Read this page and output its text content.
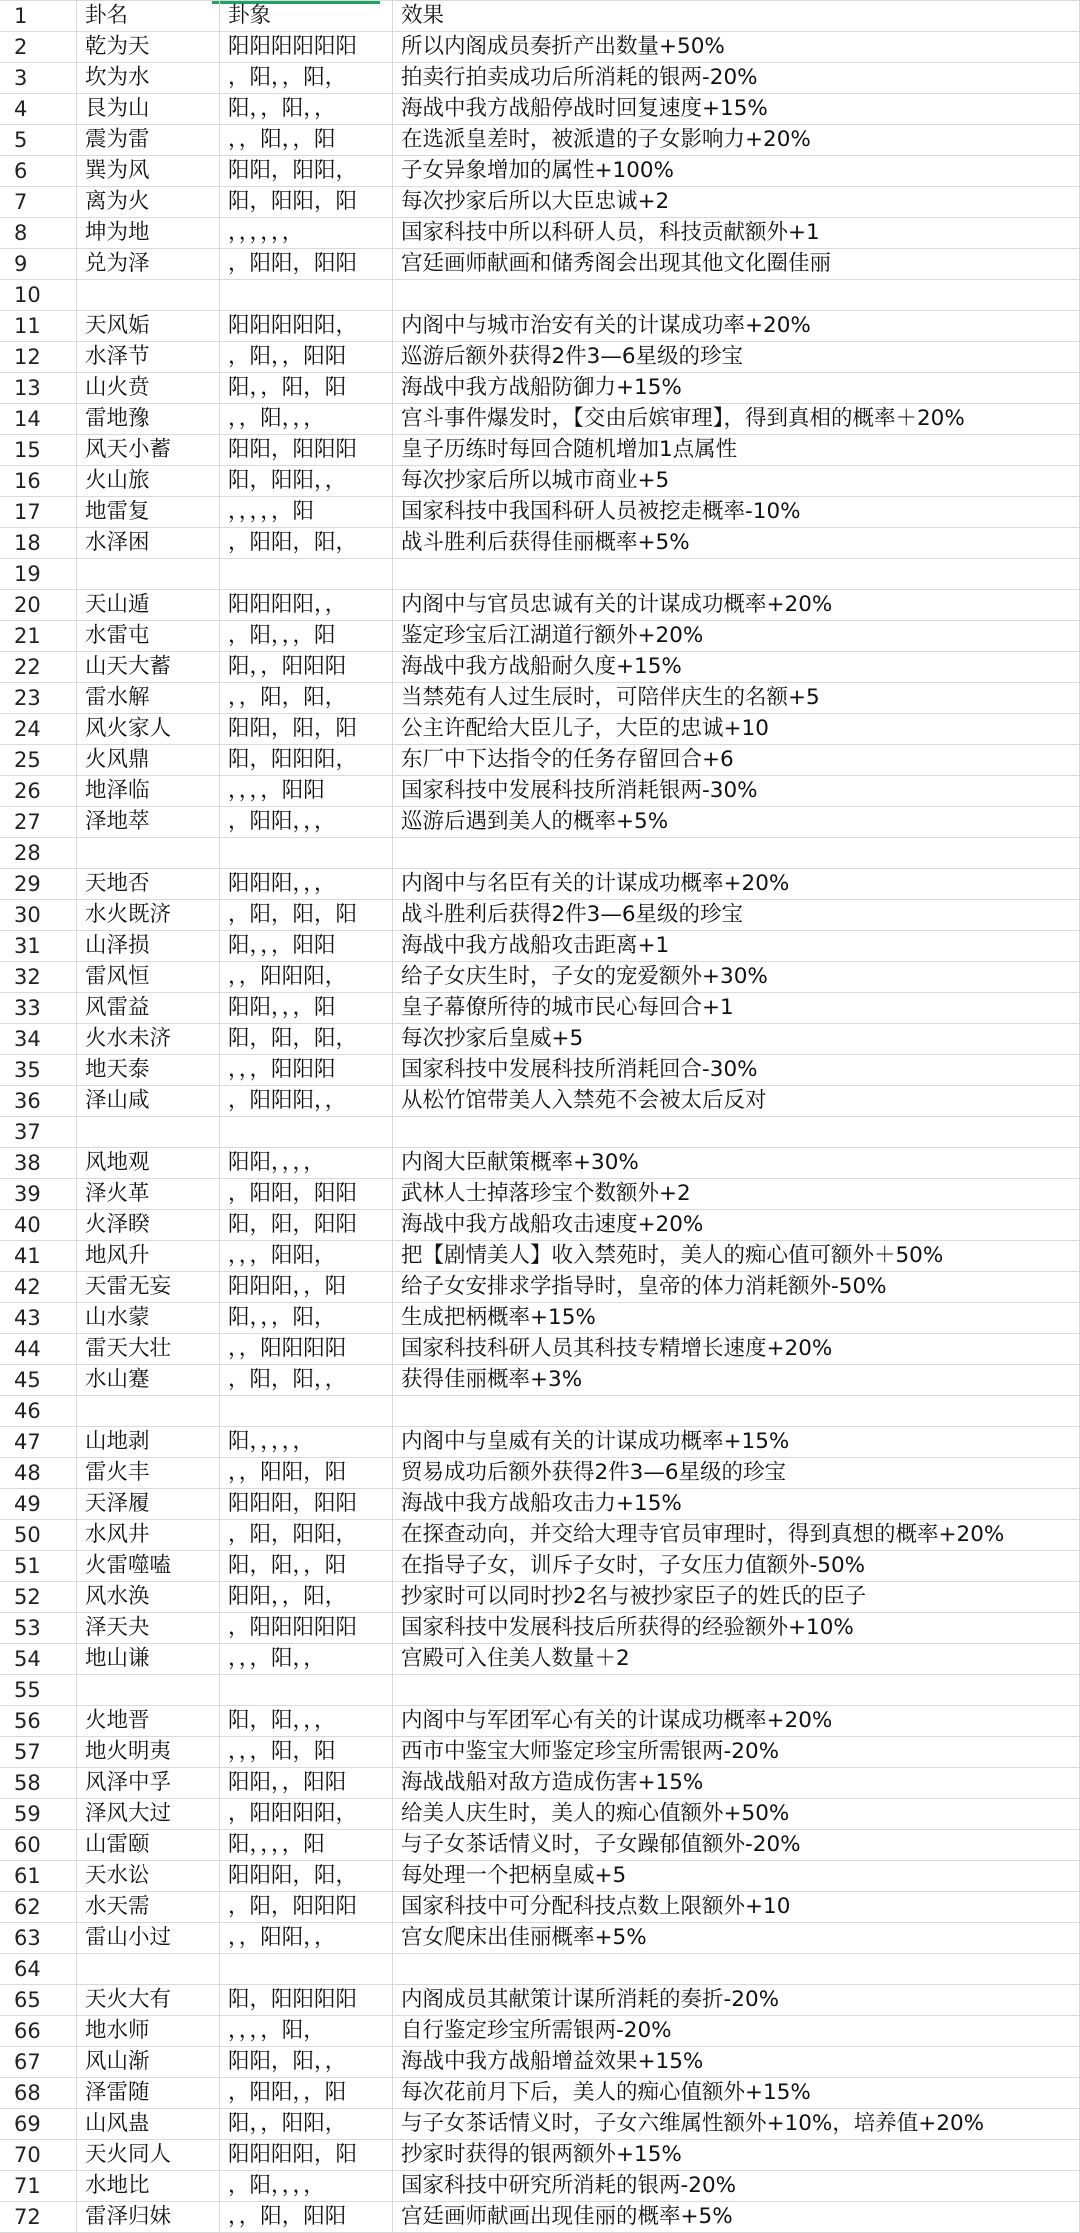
1	卦名	卦象	效果
2	乾为天	阳阳阳阳阳阳	所以内阁成员奏折产出数量+50%
3	坎为水	，阳，，阳，	拍卖行拍卖成功后所消耗的银两-20%
4	艮为山	阳，，阳，，	海战中我方战船停战时回复速度+15%
5	震为雷	，，阳，，阳	在选派皇差时，被派遣的子女影响力+20%
6	巽为风	阳阳，阳阳，	子女异象增加的属性+100%
7	离为火	阳，阳阳，阳	每次抄家后所以大臣忠诚+2
8	坤为地	，，，，，，	国家科技中所以科研人员，科技贡献额外+1
9	兑为泽	，阳阳，阳阳	宫廷画师献画和储秀阁会出现其他文化圈佳丽
10			
11	天风姤	阳阳阳阳阳，	内阁中与城市治安有关的计谋成功率+20%
12	水泽节	，阳，，阳阳	巡游后额外获得2件3—6星级的珍宝
13	山火贲	阳，，阳，阳	海战中我方战船防御力+15%
14	雷地豫	，，阳，，，	宫斗事件爆发时，【交由后嫔审理】，得到真相的概率＋20%
15	风天小蓄	阳阳，阳阳阳	皇子历练时每回合随机增加1点属性
16	火山旅	阳，阳阳，，	每次抄家后所以城市商业+5
17	地雷复	，，，，，阳	国家科技中我国科研人员被挖走概率-10%
18	水泽困	，阳阳，阳，	战斗胜利后获得佳丽概率+5%
19			
20	天山遁	阳阳阳阳，，	内阁中与官员忠诚有关的计谋成功概率+20%
21	水雷屯	，阳，，，阳	鉴定珍宝后江湖道行额外+20%
22	山天大蓄	阳，，阳阳阳	海战中我方战船耐久度+15%
23	雷水解	，，阳，阳，	当禁苑有人过生辰时，可陪伴庆生的名额+5
24	风火家人	阳阳，阳，阳	公主许配给大臣儿子，大臣的忠诚+10
25	火风鼎	阳，阳阳阳，	东厂中下达指令的任务存留回合+6
26	地泽临	，，，，阳阳	国家科技中发展科技所消耗银两-30%
27	泽地萃	，阳阳，，，	巡游后遇到美人的概率+5%
28			
29	天地否	阳阳阳，，，	内阁中与名臣有关的计谋成功概率+20%
30	水火既济	，阳，阳，阳	战斗胜利后获得2件3—6星级的珍宝
31	山泽损	阳，，，阳阳	海战中我方战船攻击距离+1
32	雷风恒	，，阳阳阳，	给子女庆生时，子女的宠爱额外+30%
33	风雷益	阳阳，，，阳	皇子幕僚所待的城市民心每回合+1
34	火水未济	阳，阳，阳，	每次抄家后皇威+5
35	地天泰	，，，阳阳阳	国家科技中发展科技所消耗回合-30%
36	泽山咸	，阳阳阳，，	从松竹馆带美人入禁苑不会被太后反对
37			
38	风地观	阳阳，，，，	内阁大臣献策概率+30%
39	泽火革	，阳阳，阳阳	武林人士掉落珍宝个数额外+2
40	火泽睽	阳，阳，阳阳	海战中我方战船攻击速度+20%
41	地风升	，，，阳阳，	把【剧情美人】收入禁苑时，美人的痴心值可额外＋50%
42	天雷无妄	阳阳阳，，阳	给子女安排求学指导时，皇帝的体力消耗额外-50%
43	山水蒙	阳，，，阳，	生成把柄概率+15%
44	雷天大壮	，，阳阳阳阳	国家科技科研人员其科技专精增长速度+20%
45	水山蹇	，阳，阳，，	获得佳丽概率+3%
46			
47	山地剥	阳，，，，，	内阁中与皇威有关的计谋成功概率+15%
48	雷火丰	，，阳阳，阳	贸易成功后额外获得2件3—6星级的珍宝
49	天泽履	阳阳阳，阳阳	海战中我方战船攻击力+15%
50	水风井	，阳，阳阳，	在探查动向，并交给大理寺官员审理时，得到真想的概率+20%
51	火雷噬嗑	阳，阳，，阳	在指导子女，训斥子女时，子女压力值额外-50%
52	风水涣	阳阳，，阳，	抄家时可以同时抄2名与被抄家臣子的姓氏的臣子
53	泽天夬	，阳阳阳阳阳	国家科技中发展科技后所获得的经验额外+10%
54	地山谦	，，，阳，，	宫殿可入住美人数量＋2
55			
56	火地晋	阳，阳，，，	内阁中与军团军心有关的计谋成功概率+20%
57	地火明夷	，，，阳，阳	西市中鉴宝大师鉴定珍宝所需银两-20%
58	风泽中孚	阳阳，，阳阳	海战战船对敌方造成伤害+15%
59	泽风大过	，阳阳阳阳，	给美人庆生时，美人的痴心值额外+50%
60	山雷颐	阳，，，，阳	与子女茶话情义时，子女躁郁值额外-20%
61	天水讼	阳阳阳，阳，	每处理一个把柄皇威+5
62	水天需	，阳，阳阳阳	国家科技中可分配科技点数上限额外+10
63	雷山小过	，，阳阳，，	宫女爬床出佳丽概率+5%
64			
65	天火大有	阳，阳阳阳阳	内阁成员其献策计谋所消耗的奏折-20%
66	地水师	，，，，阳，	自行鉴定珍宝所需银两-20%
67	风山渐	阳阳，阳，，	海战中我方战船增益效果+15%
68	泽雷随	，阳阳，，阳	每次花前月下后，美人的痴心值额外+15%
69	山风蛊	阳，，阳阳，	与子女茶话情义时，子女六维属性额外+10%，培养值+20%
70	天火同人	阳阳阳阳，阳	抄家时获得的银两额外+15%
71	水地比	，阳，，，，	国家科技中研究所消耗的银两-20%
72	雷泽归妹	，，阳，阳阳	宫廷画师献画出现佳丽的概率+5%
